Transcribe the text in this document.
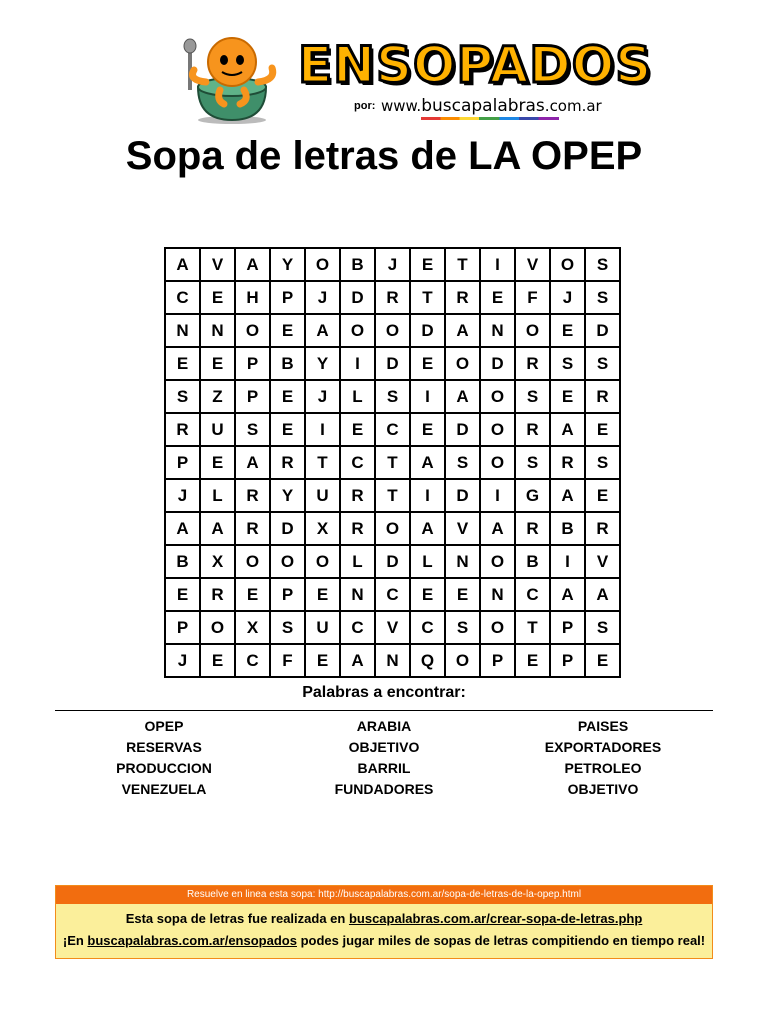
ENSOPADOS
por: www.buscapalabras.com.ar
Sopa de letras de LA OPEP
A	V	A	Y	O	B	J	E	T	I	V	O	S
C	E	H	P	J	D	R	T	R	E	F	J	S
N	N	O	E	A	O	O	D	A	N	O	E	D
E	E	P	B	Y	I	D	E	O	D	R	S	S
S	Z	P	E	J	L	S	I	A	O	S	E	R
R	U	S	E	I	E	C	E	D	O	R	A	E
P	E	A	R	T	C	T	A	S	O	S	R	S
J	L	R	Y	U	R	T	I	D	I	G	A	E
A	A	R	D	X	R	O	A	V	A	R	B	R
B	X	O	O	O	L	D	L	N	O	B	I	V
E	R	E	P	E	N	C	E	E	N	C	A	A
P	O	X	S	U	C	V	C	S	O	T	P	S
J	E	C	F	E	A	N	Q	O	P	E	P	E
Palabras a encontrar:
OPEP
RESERVAS
PRODUCCION
VENEZUELA
ARABIA
OBJETIVO
BARRIL
FUNDADORES
PAISES
EXPORTADORES
PETROLEO
OBJETIVO
Resuelve en linea esta sopa: http://buscapalabras.com.ar/sopa-de-letras-de-la-opep.html
Esta sopa de letras fue realizada en buscapalabras.com.ar/crear-sopa-de-letras.php
¡En buscapalabras.com.ar/ensopados podes jugar miles de sopas de letras compitiendo en tiempo real!
